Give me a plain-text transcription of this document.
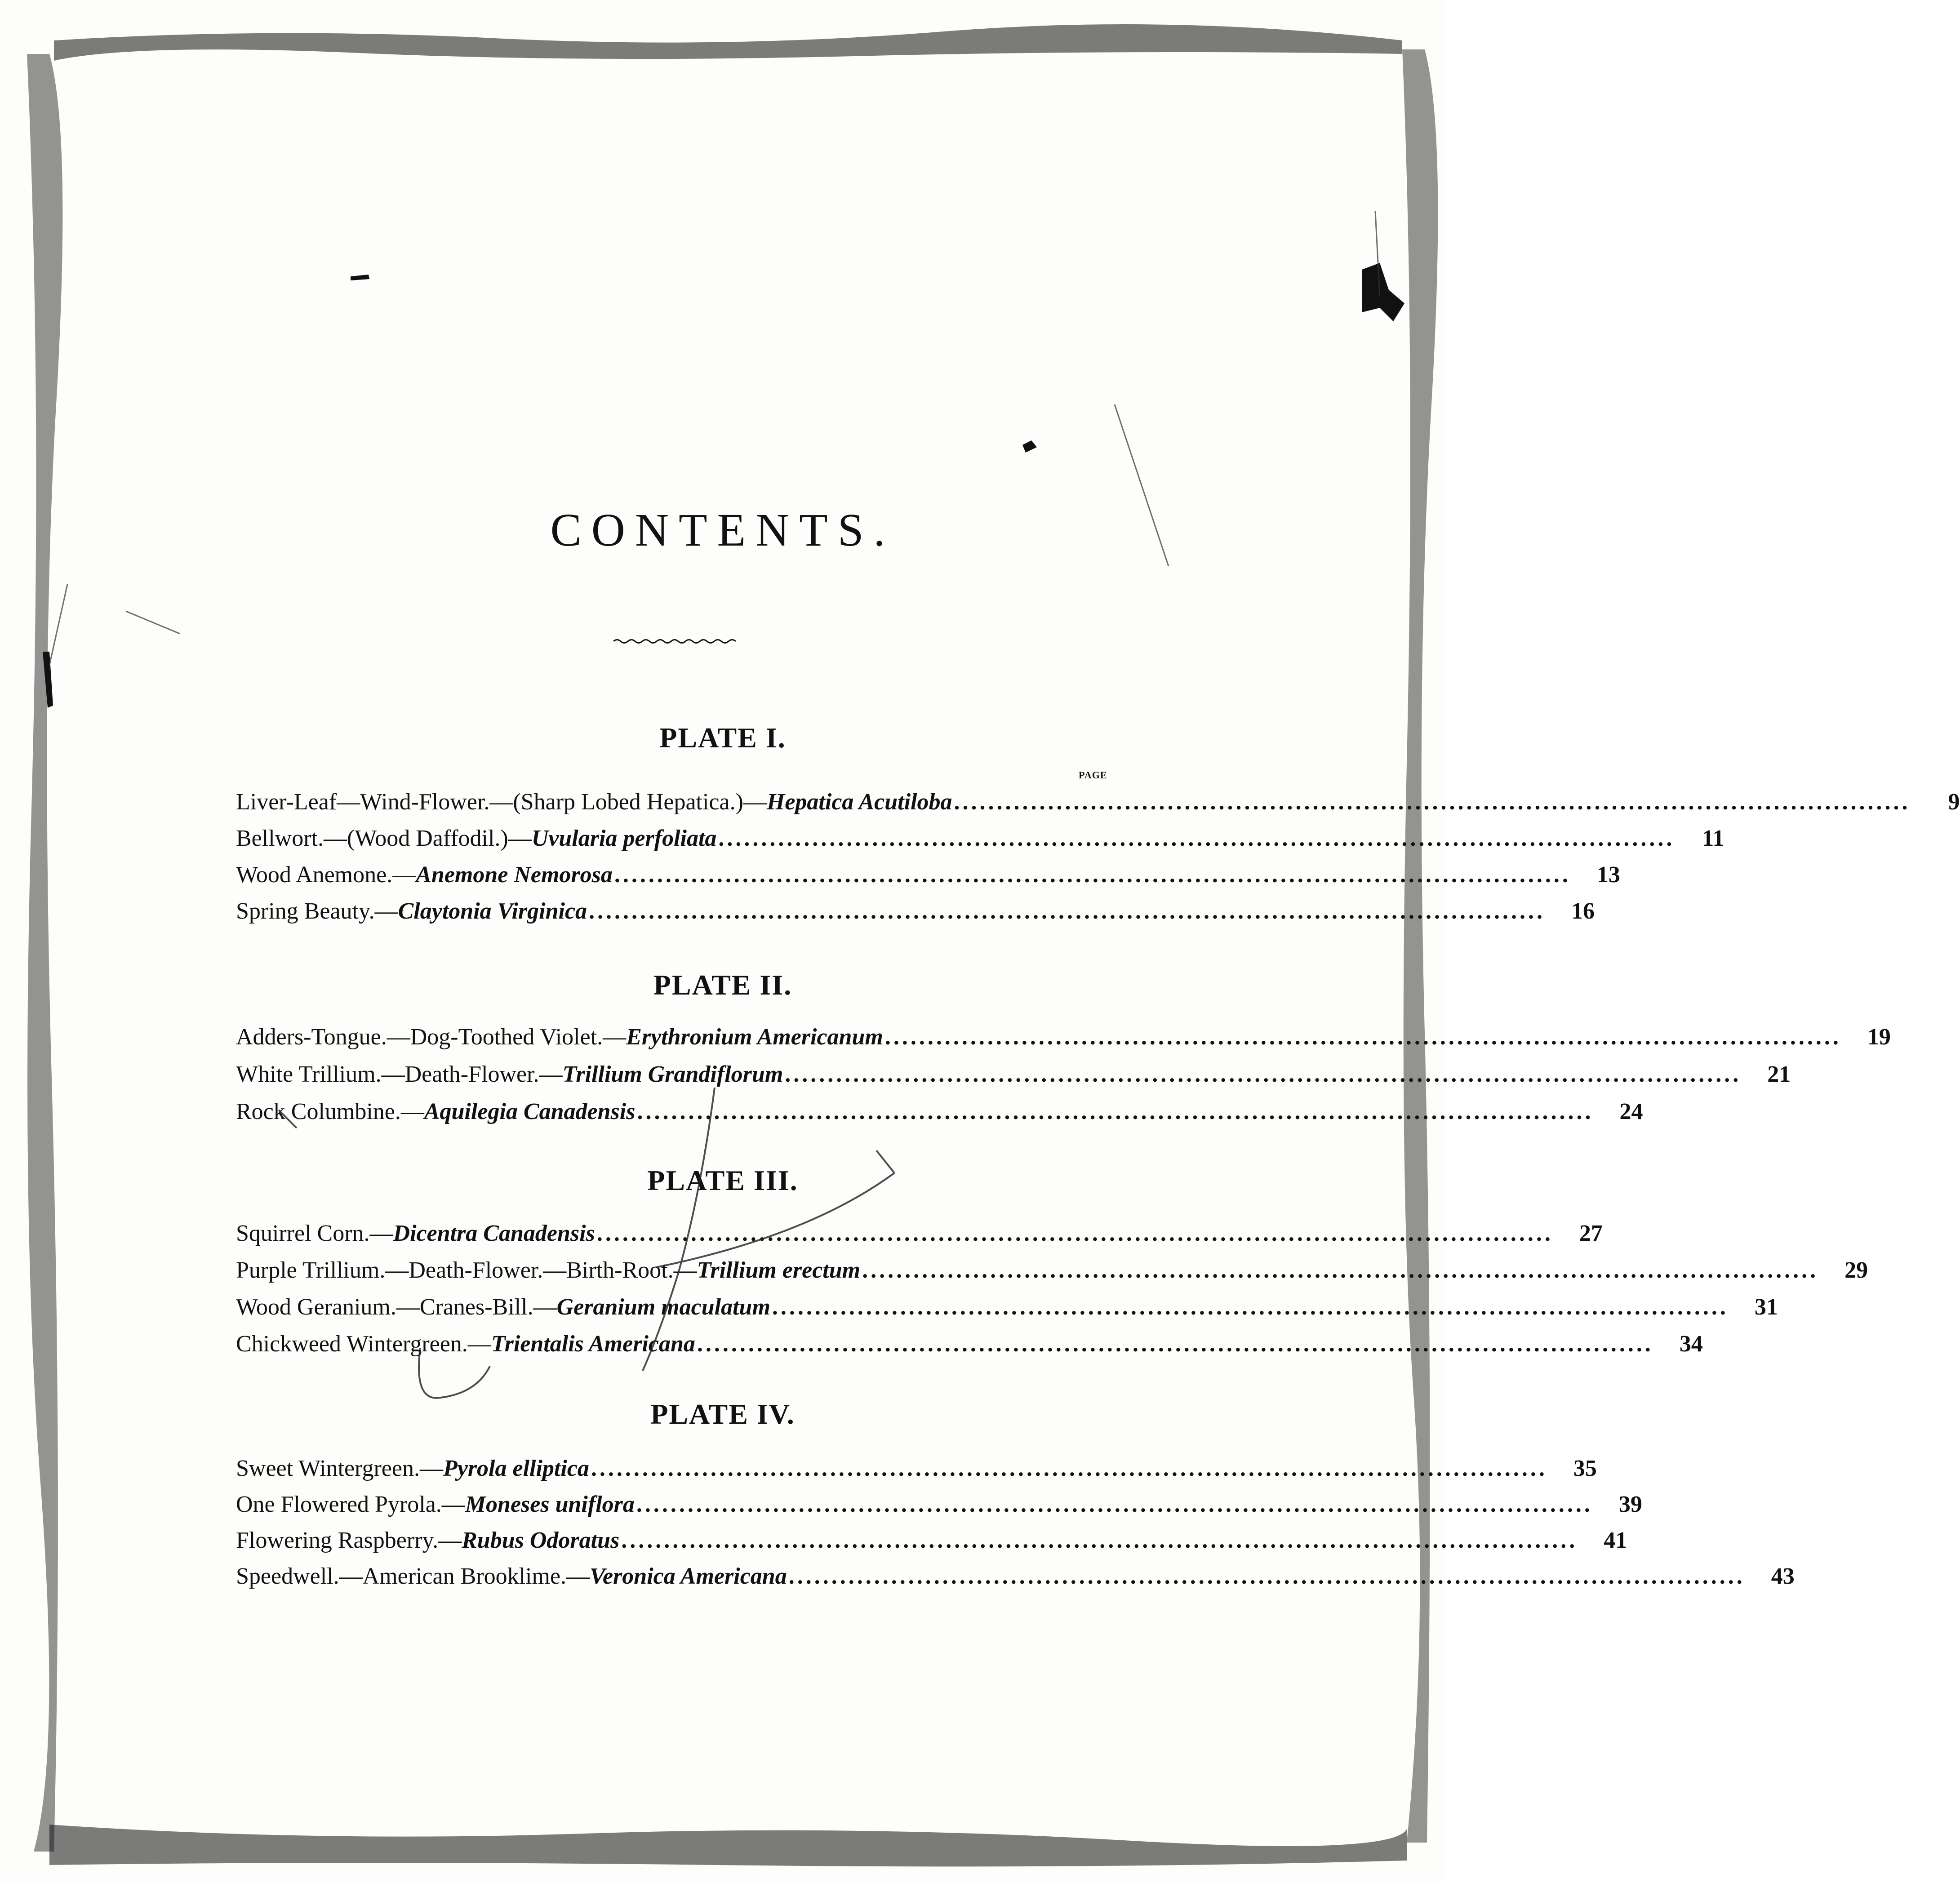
CONTENTS.
PLATE I.
PAGE
Liver-Leaf—Wind-Flower.—(Sharp Lobed Hepatica.)— Hepatica Acutiloba ................................................................................................................	9
Bellwort.—(Wood Daffodil.)— Uvularia perfoliata ................................................................................................................	11
Wood Anemone.— Anemone Nemorosa ................................................................................................................	13
Spring Beauty.— Claytonia Virginica ................................................................................................................	16
PLATE II.
Adders-Tongue.—Dog-Toothed Violet.— Erythronium Americanum ................................................................................................................	19
White Trillium.—Death-Flower.— Trillium Grandiflorum ................................................................................................................	21
Rock Columbine.— Aquilegia Canadensis ................................................................................................................	24
PLATE III.
Squirrel Corn.— Dicentra Canadensis ................................................................................................................	27
Purple Trillium.—Death-Flower.—Birth-Root.— Trillium erectum ................................................................................................................	29
Wood Geranium.—Cranes-Bill.— Geranium maculatum ................................................................................................................	31
Chickweed Wintergreen.— Trientalis Americana ................................................................................................................	34
PLATE IV.
Sweet Wintergreen.— Pyrola elliptica ................................................................................................................	35
One Flowered Pyrola.— Moneses uniflora ................................................................................................................	39
Flowering Raspberry.— Rubus Odoratus ................................................................................................................	41
Speedwell.—American Brooklime.— Veronica Americana ................................................................................................................	43
